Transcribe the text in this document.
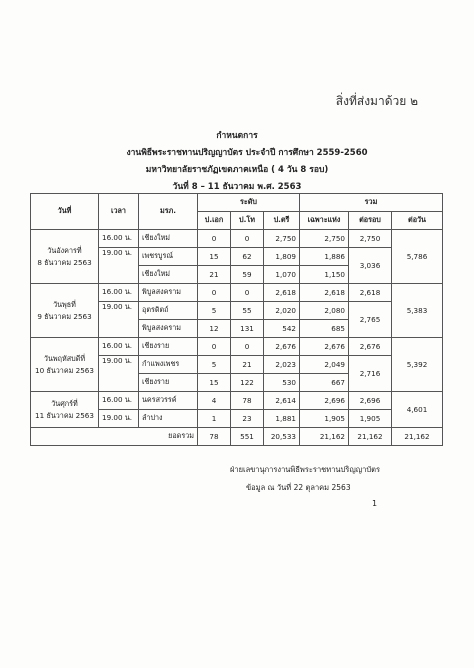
สิ่งที่ส่งมาด้วย ๒
กำหนดการ
งานพิธีพระราชทานปริญญาบัตร ประจำปี การศึกษา 2559-2560
มหาวิทยาลัยราชภัฏเขตภาคเหนือ ( 4 วัน 8 รอบ)
วันที่ 8 – 11 ธันวาคม พ.ศ. 2563
วันที่	เวลา	มรภ.	ระดับ			รวม		
			ป.เอก	ป.โท	ป.ตรี	เฉพาะแห่ง	ต่อรอบ	ต่อวัน
วันอังคารที่
8 ธันวาคม 2563	16.00 น.	เชียงใหม่	0	0	2,750	2,750	2,750	5,786
	19.00 น.	เพชรบูรณ์	15	62	1,809	1,886	3,036	
		เชียงใหม่	21	59	1,070	1,150		
วันพุธที่
9 ธันวาคม 2563	16.00 น.	พิบูลสงคราม	0	0	2,618	2,618	2,618	5,383
	19.00 น.	อุตรดิตถ์	5	55	2,020	2,080	2,765	
		พิบูลสงคราม	12	131	542	685		
วันพฤหัสบดีที่
10 ธันวาคม 2563	16.00 น.	เชียงราย	0	0	2,676	2,676	2,676	5,392
	19.00 น.	กำแพงเพชร	5	21	2,023	2,049	2,716	
		เชียงราย	15	122	530	667		
วันศุกร์ที่
11 ธันวาคม 2563	16.00 น.	นครสวรรค์	4	78	2,614	2,696	2,696	4,601
	19.00 น.	ลำปาง	1	23	1,881	1,905	1,905	
ยอดรวม			78	551	20,533	21,162	21,162	21,162
ฝ่ายเลขานุการงานพิธีพระราชทานปริญญาบัตร
ข้อมูล ณ วันที่ 22 ตุลาคม 2563
1
